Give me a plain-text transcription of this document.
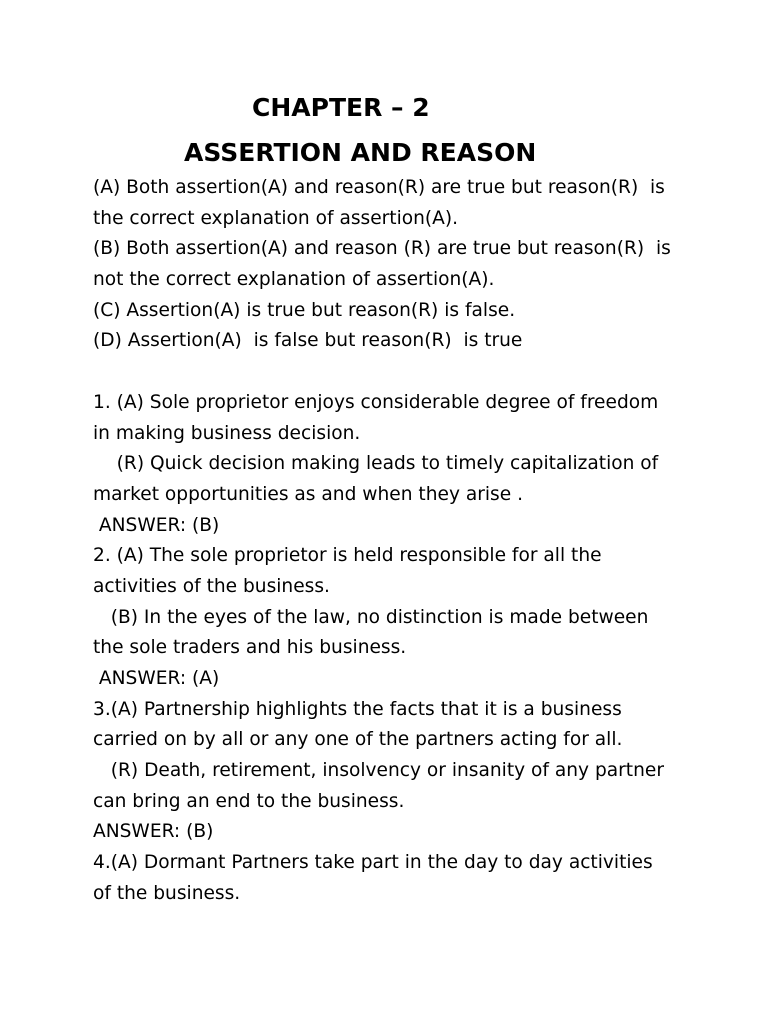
CHAPTER – 2
ASSERTION AND REASON
(A) Both assertion(A) and reason(R) are true but reason(R)  is
the correct explanation of assertion(A).
(B) Both assertion(A) and reason (R) are true but reason(R)  is
not the correct explanation of assertion(A).
(C) Assertion(A) is true but reason(R) is false.
(D) Assertion(A)  is false but reason(R)  is true
1. (A) Sole proprietor enjoys considerable degree of freedom
in making business decision.
(R) Quick decision making leads to timely capitalization of
market opportunities as and when they arise .
ANSWER: (B)
2. (A) The sole proprietor is held responsible for all the
activities of the business.
(B) In the eyes of the law, no distinction is made between
the sole traders and his business.
ANSWER: (A)
3.(A) Partnership highlights the facts that it is a business
carried on by all or any one of the partners acting for all.
(R) Death, retirement, insolvency or insanity of any partner
can bring an end to the business.
ANSWER: (B)
4.(A) Dormant Partners take part in the day to day activities
of the business.
